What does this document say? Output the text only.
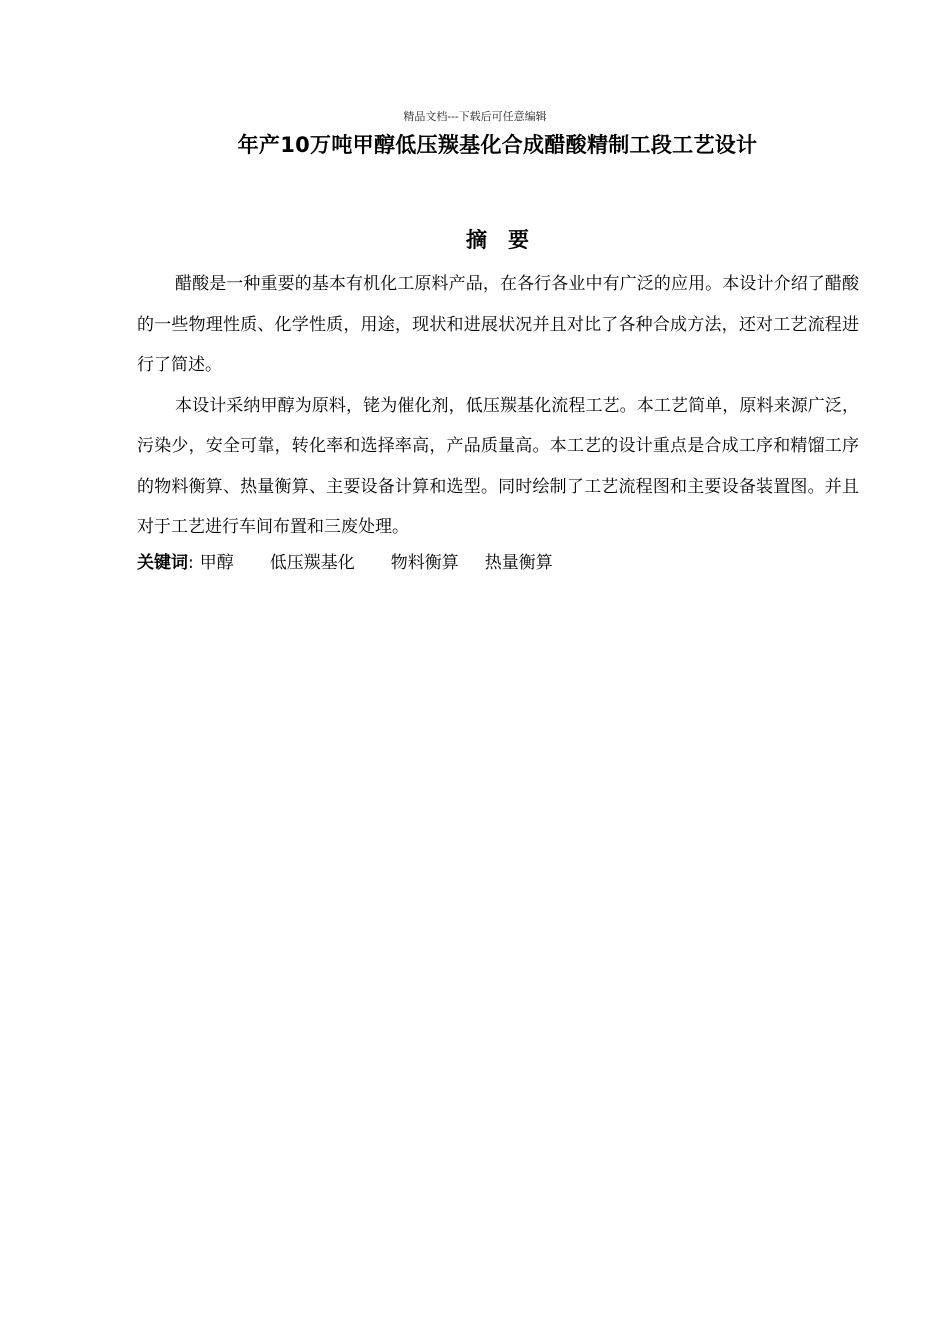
精品文档---下载后可任意编辑
年产10万吨甲醇低压羰基化合成醋酸精制工段工艺设计
摘　要

醋酸是一种重要的基本有机化工原料产品，在各行各业中有广泛的应用。本设计介绍了醋酸的一些物理性质、化学性质，用途，现状和进展状况并且对比了各种合成方法，还对工艺流程进行了简述。

本设计采纳甲醇为原料，铑为催化剂，低压羰基化流程工艺。本工艺简单，原料来源广泛，污染少，安全可靠，转化率和选择率高，产品质量高。本工艺的设计重点是合成工序和精馏工序的物料衡算、热量衡算、主要设备计算和选型。同时绘制了工艺流程图和主要设备装置图。并且对于工艺进行车间布置和三废处理。

关键词: 甲醇 低压羰基化 物料衡算 热量衡算
